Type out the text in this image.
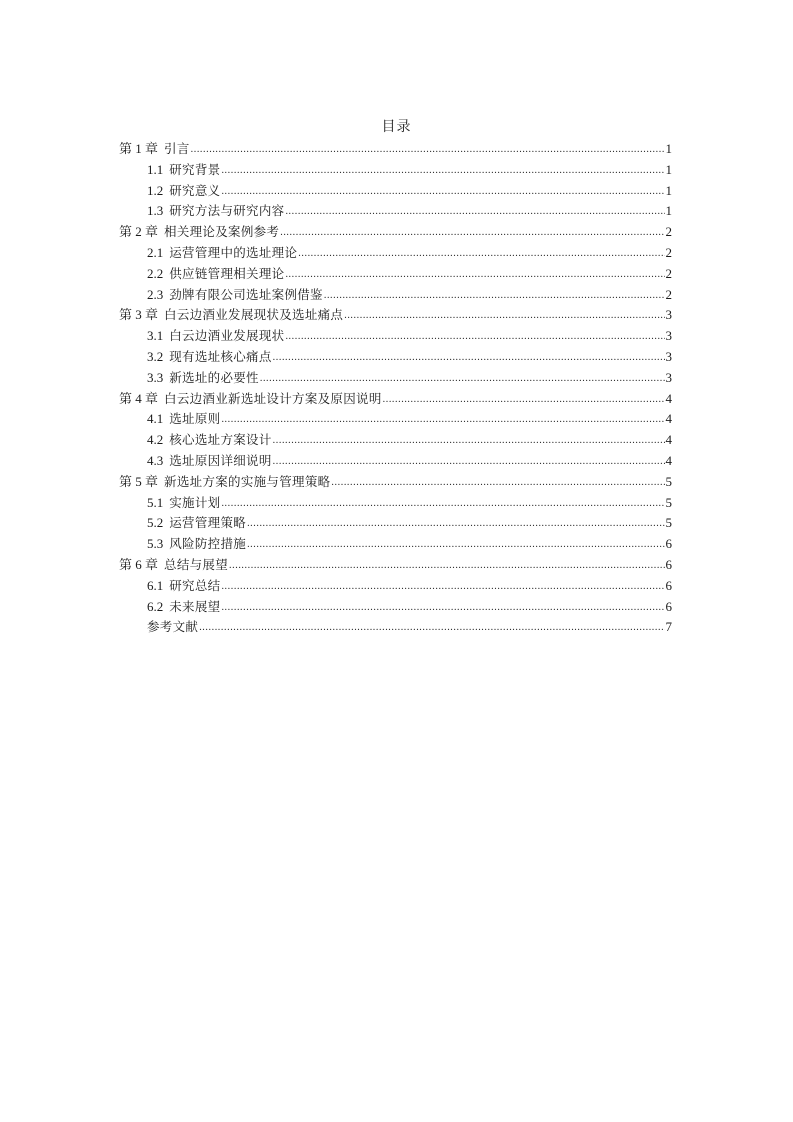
目录
第 1 章 引言 .....	1
1.1 研究背景 .....	1
1.2 研究意义 .....	1
1.3 研究方法与研究内容 .....	1
第 2 章 相关理论及案例参考 .....	2
2.1 运营管理中的选址理论 .....	2
2.2 供应链管理相关理论 .....	2
2.3 劲牌有限公司选址案例借鉴 .....	2
第 3 章 白云边酒业发展现状及选址痛点 .....	3
3.1 白云边酒业发展现状 .....	3
3.2 现有选址核心痛点 .....	3
3.3 新选址的必要性 .....	3
第 4 章 白云边酒业新选址设计方案及原因说明 .....	4
4.1 选址原则 .....	4
4.2 核心选址方案设计 .....	4
4.3 选址原因详细说明 .....	4
第 5 章 新选址方案的实施与管理策略 .....	5
5.1 实施计划 .....	5
5.2 运营管理策略 .....	5
5.3 风险防控措施 .....	6
第 6 章 总结与展望 .....	6
6.1 研究总结 .....	6
6.2 未来展望 .....	6
参考文献 .....	7
